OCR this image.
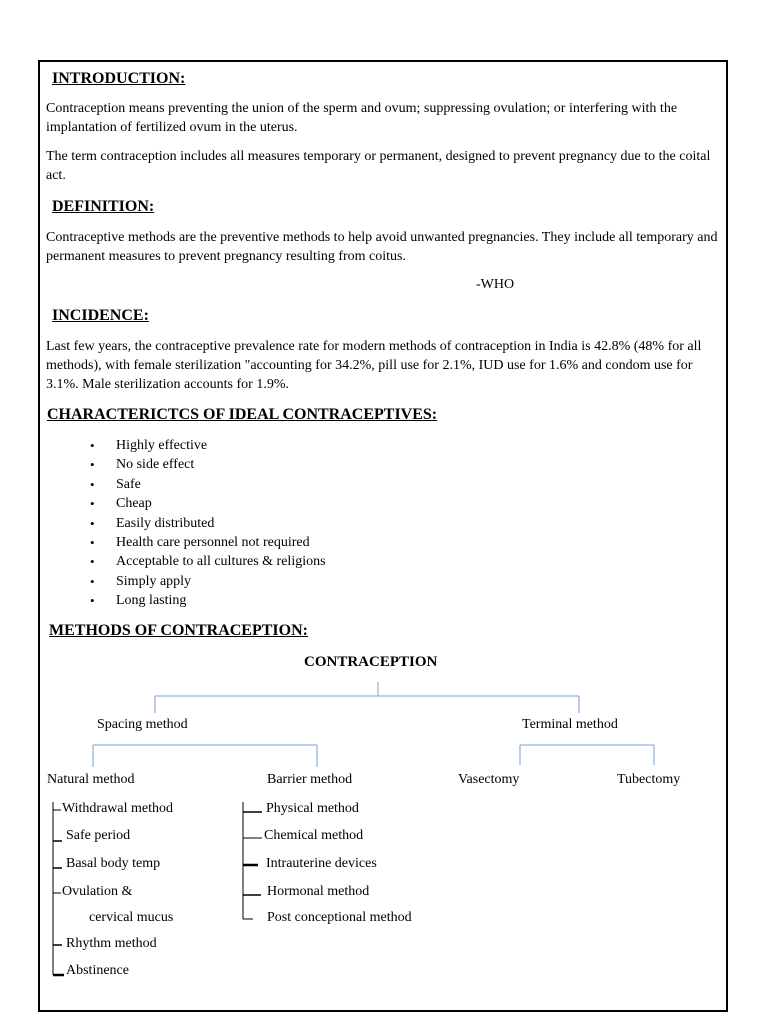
INTRODUCTION:
Contraception means preventing the union of the sperm and ovum; suppressing ovulation; or interfering with the implantation of fertilized ovum in the uterus.
The term contraception includes all measures temporary or permanent, designed to prevent pregnancy due to the coital act.
DEFINITION:
Contraceptive methods are the preventive methods to help avoid unwanted pregnancies. They include all temporary and permanent measures to prevent pregnancy resulting from coitus.
-WHO
INCIDENCE:
Last few years, the contraceptive prevalence rate for modern methods of contraception in India is 42.8% (48% for all methods), with female sterilization "accounting for 34.2%, pill use for 2.1%, IUD use for 1.6% and condom use for 3.1%. Male sterilization accounts for 1.9%.
CHARACTERICTCS OF IDEAL CONTRACEPTIVES:
• Highly effective
• No side effect
• Safe
• Cheap
• Easily distributed
• Health care personnel not required
• Acceptable to all cultures & religions
• Simply apply
• Long lasting
METHODS OF CONTRACEPTION:
CONTRACEPTION
Spacing method	Terminal method
Natural method	Barrier method	Vasectomy	Tubectomy
Withdrawal method
Safe period
Basal body temp
Ovulation &
cervical mucus
Rhythm method
Abstinence
Physical method
Chemical method
Intrauterine devices
Hormonal method
Post conceptional method
